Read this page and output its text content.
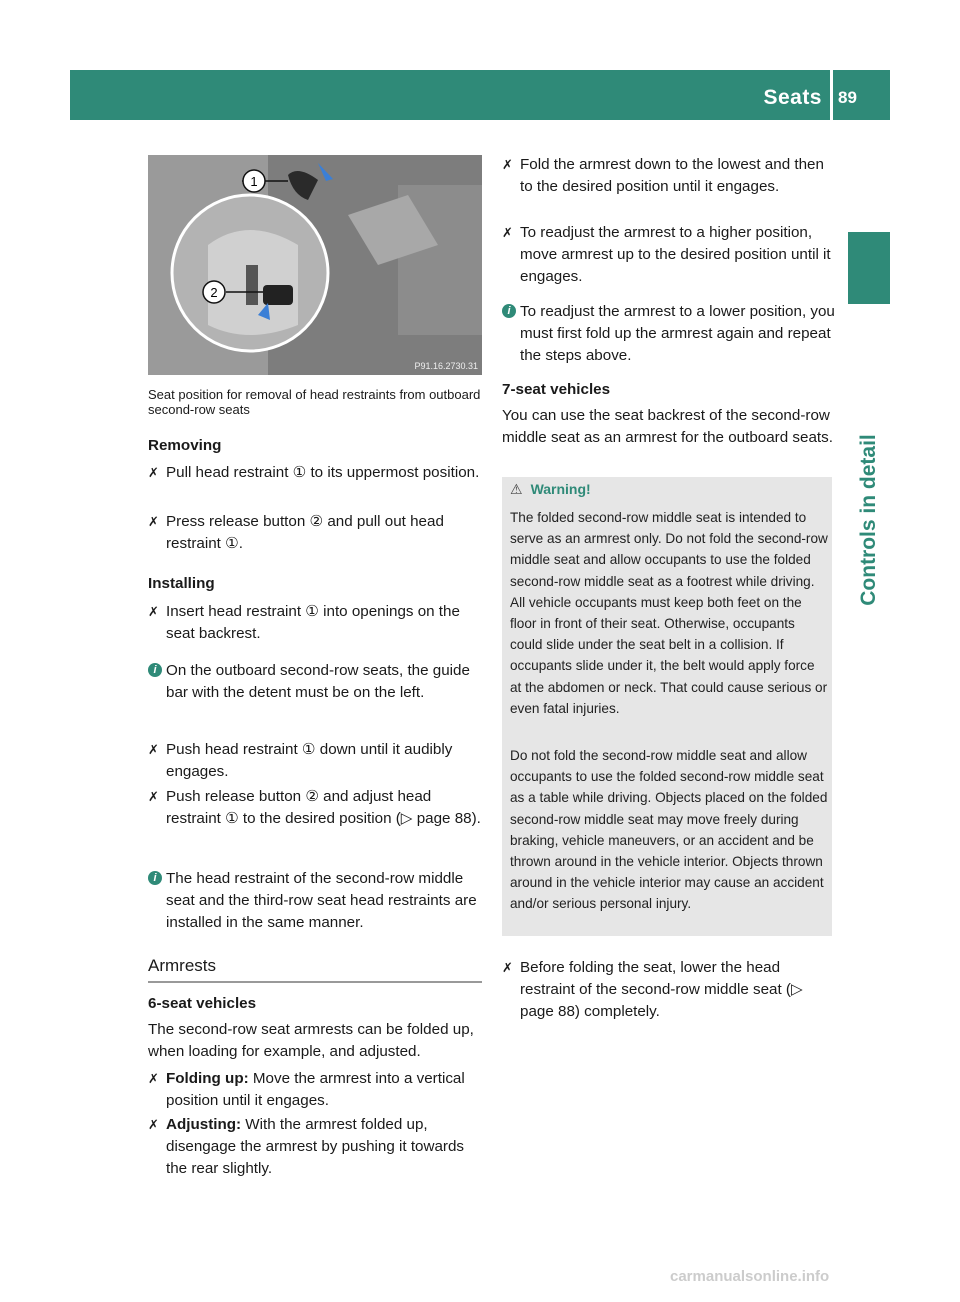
Seats 89
Controls in detail
1
2
P91.16.2730.31
Seat position for removal of head restraints from outboard second-row seats
Removing
✗ Pull head restraint ① to its uppermost position.
✗ Press release button ② and pull out head restraint ①.
Installing
✗ Insert head restraint ① into openings on the seat backrest.
i On the outboard second-row seats, the guide bar with the detent must be on the left.
✗ Push head restraint ① down until it audibly engages.
✗ Push release button ② and adjust head restraint ① to the desired position (▷ page 88).
i The head restraint of the second-row middle seat and the third-row seat head restraints are installed in the same manner.
Armrests
6-seat vehicles
The second-row seat armrests can be folded up, when loading for example, and adjusted.
✗ Folding up: Move the armrest into a vertical position until it engages.
✗ Adjusting: With the armrest folded up, disengage the armrest by pushing it towards the rear slightly.
✗ Fold the armrest down to the lowest and then to the desired position until it engages.
✗ To readjust the armrest to a higher position, move armrest up to the desired position until it engages.
i To readjust the armrest to a lower position, you must first fold up the armrest again and repeat the steps above.
7-seat vehicles
You can use the seat backrest of the second-row middle seat as an armrest for the outboard seats.
⚠ Warning!
The folded second-row middle seat is intended to serve as an armrest only. Do not fold the second-row middle seat and allow occupants to use the folded second-row middle seat as a footrest while driving. All vehicle occupants must keep both feet on the floor in front of their seat. Otherwise, occupants could slide under the seat belt in a collision. If occupants slide under it, the belt would apply force at the abdomen or neck. That could cause serious or even fatal injuries.
Do not fold the second-row middle seat and allow occupants to use the folded second-row middle seat as a table while driving. Objects placed on the folded second-row middle seat may move freely during braking, vehicle maneuvers, or an accident and be thrown around in the vehicle interior. Objects thrown around in the vehicle interior may cause an accident and/or serious personal injury.
✗ Before folding the seat, lower the head restraint of the second-row middle seat (▷ page 88) completely.
carmanualsonline.info
